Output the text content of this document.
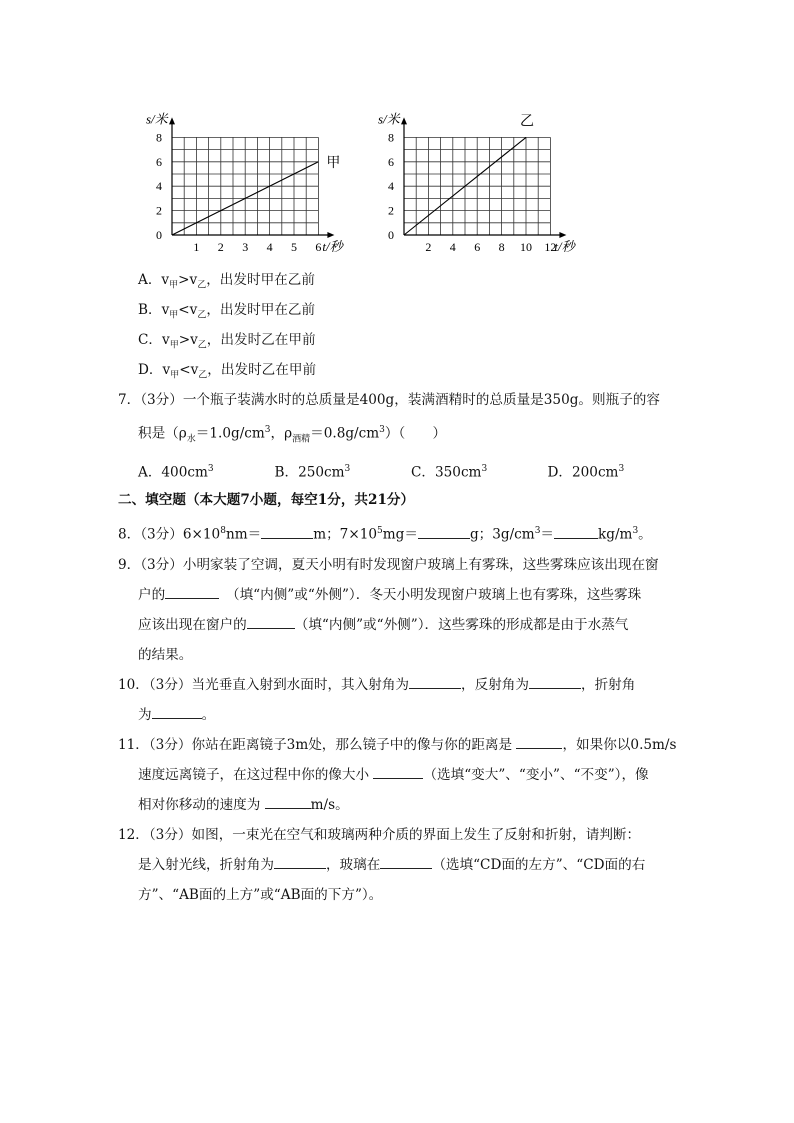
0
2
4
6
8
1 2 3 4 5 6
s/米
t/秒
甲
0
2
4
6
8
2 4 6 8 10 12
s/米
t/秒
乙
A．$v_甲>v_乙$，出发时甲在乙前
B．$v_甲<v_乙$，出发时甲在乙前
C．$v_甲>v_乙$，出发时乙在甲前
D．$v_甲<v_乙$，出发时乙在甲前
7．（3分）一个瓶子装满水时的总质量是400g，装满酒精时的总质量是350g。则瓶子的容
积是（$\rho_水=1.0g/cm^3$，$\rho_{酒精}=0.8g/cm^3$）（　　）
A．$400cm^3$	B．$250cm^3$	C．$350cm^3$	D．$200cm^3$
二、填空题（本大题7小题，每空1分，共21分）
8．（3分）$6\times 10^8nm=$	m；$7\times 10^5mg=$	g；$3g/cm^3=$	$kg/m^3$。
9．（3分）小明家装了空调，夏天小明有时发现窗户玻璃上有雾珠，这些雾珠应该出现在窗
户的　	（填“内侧”或“外侧”）．冬天小明发现窗户玻璃上也有雾珠，这些雾珠
应该出现在窗户的	（填“内侧”或“外侧”）．这些雾珠的形成都是由于水蒸气
的结果。
10．（3分）当光垂直入射到水面时，其入射角为	，反射角为	，折射角
为	。
11．（3分）你站在距离镜子3m处，那么镜子中的像与你的距离是	，如果你以0.5m/s
速度远离镜子，在这过程中你的像大小	（选填“变大”、“变小”、“不变”），像
相对你移动的速度为	m/s。
12．（3分）如图，一束光在空气和玻璃两种介质的界面上发生了反射和折射，请判断：
是入射光线，折射角为	，玻璃在	（选填“CD面的左方”、“CD面的右
方”、“AB面的上方”或“AB面的下方”）。
